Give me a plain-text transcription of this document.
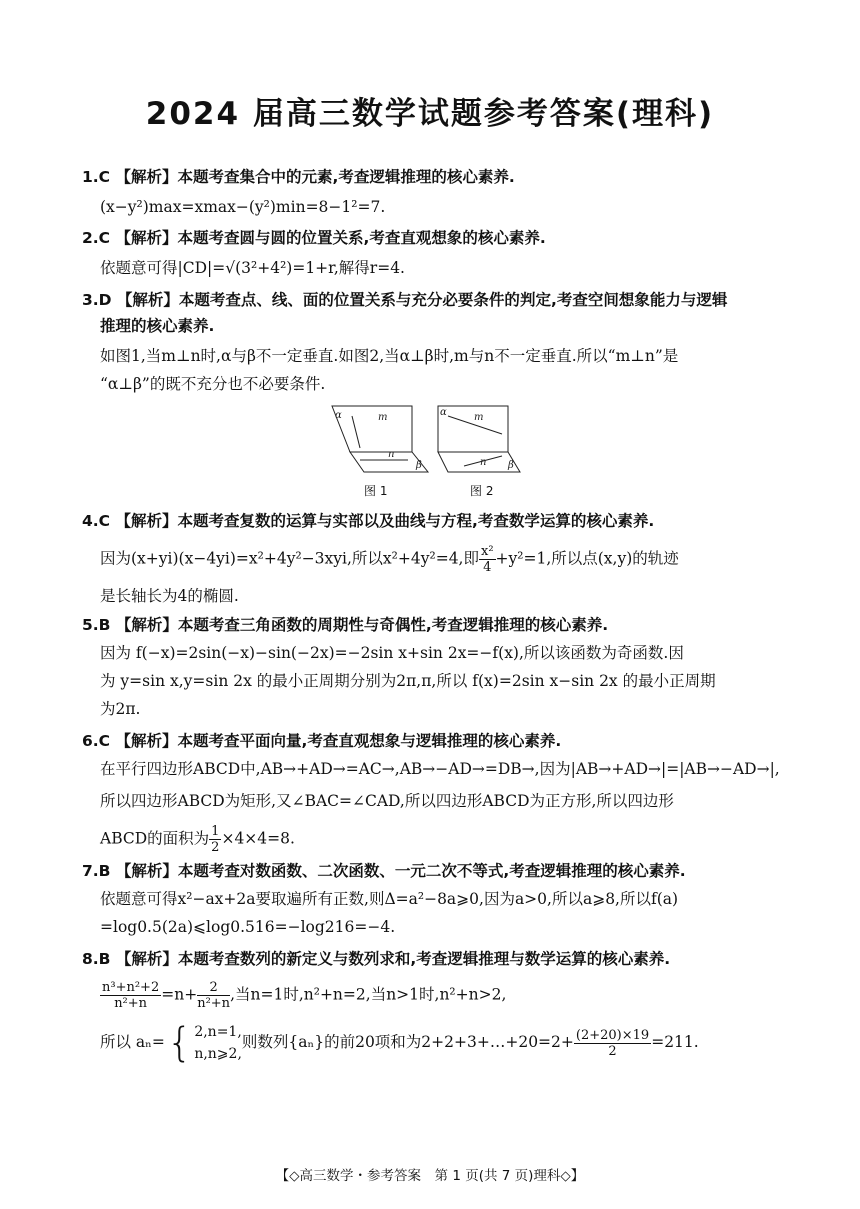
2024 届高三数学试题参考答案(理科)
1.C 【解析】本题考查集合中的元素,考查逻辑推理的核心素养.
(x−y²)max=xmax−(y²)min=8−1²=7.
2.C 【解析】本题考查圆与圆的位置关系,考查直观想象的核心素养.
依题意可得|CD|=√(3²+4²)=1+r,解得r=4.
3.D 【解析】本题考查点、线、面的位置关系与充分必要条件的判定,考查空间想象能力与逻辑
推理的核心素养.
如图1,当m⊥n时,α与β不一定垂直.如图2,当α⊥β时,m与n不一定垂直.所以“m⊥n”是
“α⊥β”的既不充分也不必要条件.
α	m
n
β
α	m
n β
图 1	图 2
4.C 【解析】本题考查复数的运算与实部以及曲线与方程,考查数学运算的核心素养.
因为(x+yi)(x−4yi)=x²+4y²−3xyi,所以x²+4y²=4,即 $\frac{\text{x²}}{4} +y^2=1$,所以点(x,y)的轨迹
是长轴长为4的椭圆.
5.B 【解析】本题考查三角函数的周期性与奇偶性,考查逻辑推理的核心素养.
因为 f(−x)=2sin(−x)−sin(−2x)=−2sin x+sin 2x=−f(x),所以该函数为奇函数.因
为 y=sin x,y=sin 2x 的最小正周期分别为2π,π,所以 f(x)=2sin x−sin 2x 的最小正周期
为2π.
6.C 【解析】本题考查平面向量,考查直观想象与逻辑推理的核心素养.
在平行四边形ABCD中,AB→+AD→=AC→,AB→−AD→=DB→,因为|AB→+AD→|=|AB→−AD→|,
所以四边形ABCD为矩形,又∠BAC=∠CAD,所以四边形ABCD为正方形,所以四边形
ABCD的面积为 $\frac{1}{2} \times 4\times 4=8$.
7.B 【解析】本题考查对数函数、二次函数、一元二次不等式,考查逻辑推理的核心素养.
依题意可得x²−ax+2a要取遍所有正数,则Δ=a²−8a⩾0,因为a>0,所以a⩾8,所以f(a)
=log0.5(2a)⩽log0.516=−log216=−4.
8.B 【解析】本题考查数列的新定义与数列求和,考查逻辑推理与数学运算的核心素养.
$\frac{\text{n³+n²+2}}{\text{n²+n}} =n+ \frac{2}{\text{n²+n}}$ ,当n=1时,n²+n=2,当n>1时,n²+n>2,
所以 aₙ= { 2,n=1,
n,n⩾2,
则数列{aₙ}的前20项和为2+2+3+…+20=2+ $\frac{(2+20)\times 19}{2} =211$.
【◇高三数学・参考答案　第 1 页(共 7 页)理科◇】
